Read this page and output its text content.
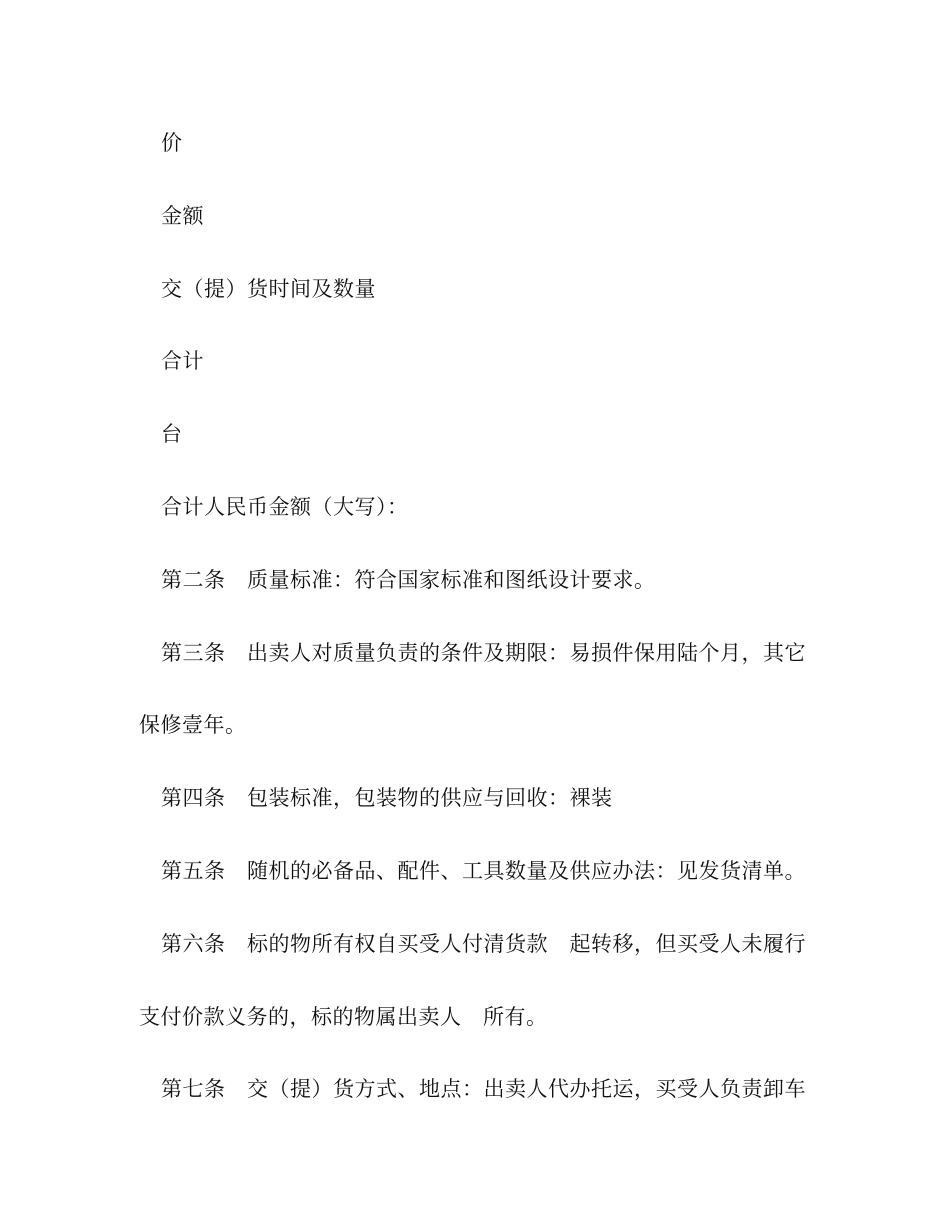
价
金额
交（提）货时间及数量
合计
台
合计人民币金额（大写）：
第二条　质量标准：符合国家标准和图纸设计要求。
第三条　出卖人对质量负责的条件及期限：易损件保用陆个月，其它
保修壹年。
第四条　包装标准，包装物的供应与回收：裸装
第五条　随机的必备品、配件、工具数量及供应办法：见发货清单。
第六条　标的物所有权自买受人付清货款　起转移，但买受人未履行
支付价款义务的，标的物属出卖人　所有。
第七条　交（提）货方式、地点：出卖人代办托运，买受人负责卸车
